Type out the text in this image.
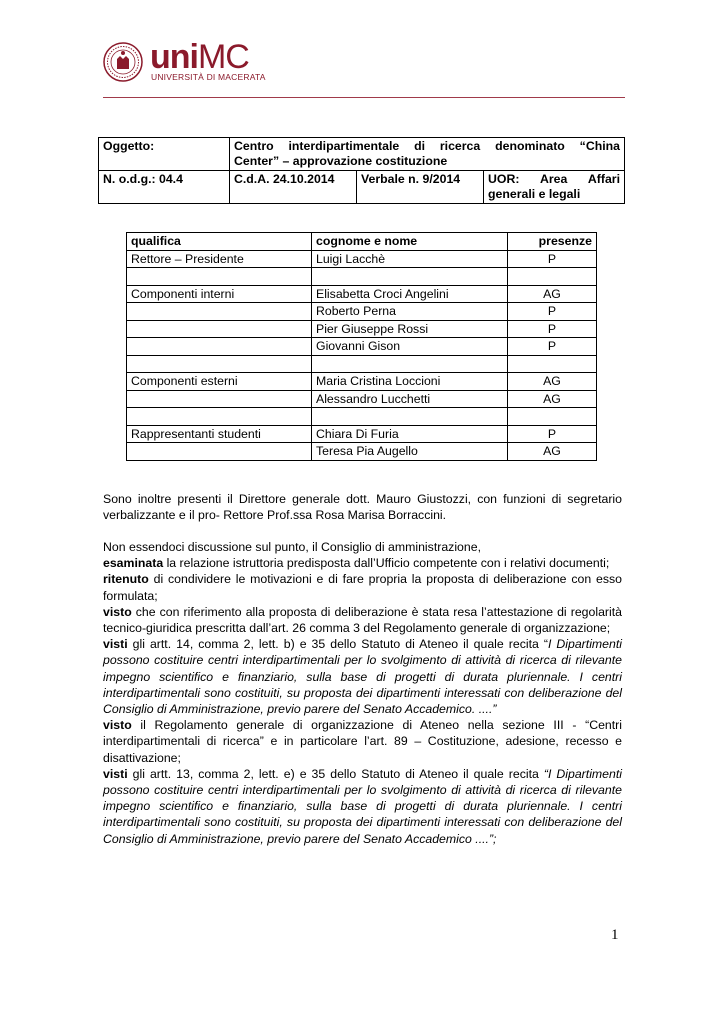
uniMC
UNIVERSITÀ DI MACERATA
Oggetto:	Centro interdipartimentale di ricerca denominato “China
Center” – approvazione costituzione		

N. o.d.g.: 04.4	C.d.A. 24.10.2014	Verbale n. 9/2014	UOR: Area Affari
generali e legali
qualifica	cognome e nome	presenze
Rettore – Presidente	Luigi Lacchè	P

Componenti interni	Elisabetta Croci Angelini	AG
	Roberto Perna	P
	Pier Giuseppe Rossi	P
	Giovanni Gison	P

Componenti esterni	Maria Cristina Loccioni	AG
	Alessandro Lucchetti	AG

Rappresentanti studenti	Chiara Di Furia	P
	Teresa Pia Augello	AG

Sono inoltre presenti il Direttore generale dott. Mauro Giustozzi, con funzioni di segretario verbalizzante e il pro- Rettore Prof.ssa Rosa Marisa Borraccini.

Non essendoci discussione sul punto, il Consiglio di amministrazione,

esaminata la relazione istruttoria predisposta dall’Ufficio competente con i relativi documenti;

ritenuto di condividere le motivazioni e di fare propria la proposta di deliberazione con esso formulata;

visto che con riferimento alla proposta di deliberazione è stata resa l’attestazione di regolarità tecnico-giuridica prescritta dall’art. 26 comma 3 del Regolamento generale di organizzazione;

visti gli artt. 14, comma 2, lett. b) e 35 dello Statuto di Ateneo il quale recita “I Dipartimenti possono costituire centri interdipartimentali per lo svolgimento di attività di ricerca di rilevante impegno scientifico e finanziario, sulla base di progetti di durata pluriennale. I centri interdipartimentali sono costituiti, su proposta dei dipartimenti interessati con deliberazione del Consiglio di Amministrazione, previo parere del Senato Accademico. ....”

visto il Regolamento generale di organizzazione di Ateneo nella sezione III - “Centri interdipartimentali di ricerca” e in particolare l’art. 89 – Costituzione, adesione, recesso e disattivazione;

visti gli artt. 13, comma 2, lett. e) e 35 dello Statuto di Ateneo il quale recita “I Dipartimenti possono costituire centri interdipartimentali per lo svolgimento di attività di ricerca di rilevante impegno scientifico e finanziario, sulla base di progetti di durata pluriennale. I centri interdipartimentali sono costituiti, su proposta dei dipartimenti interessati con deliberazione del Consiglio di Amministrazione, previo parere del Senato Accademico ....”;

1
